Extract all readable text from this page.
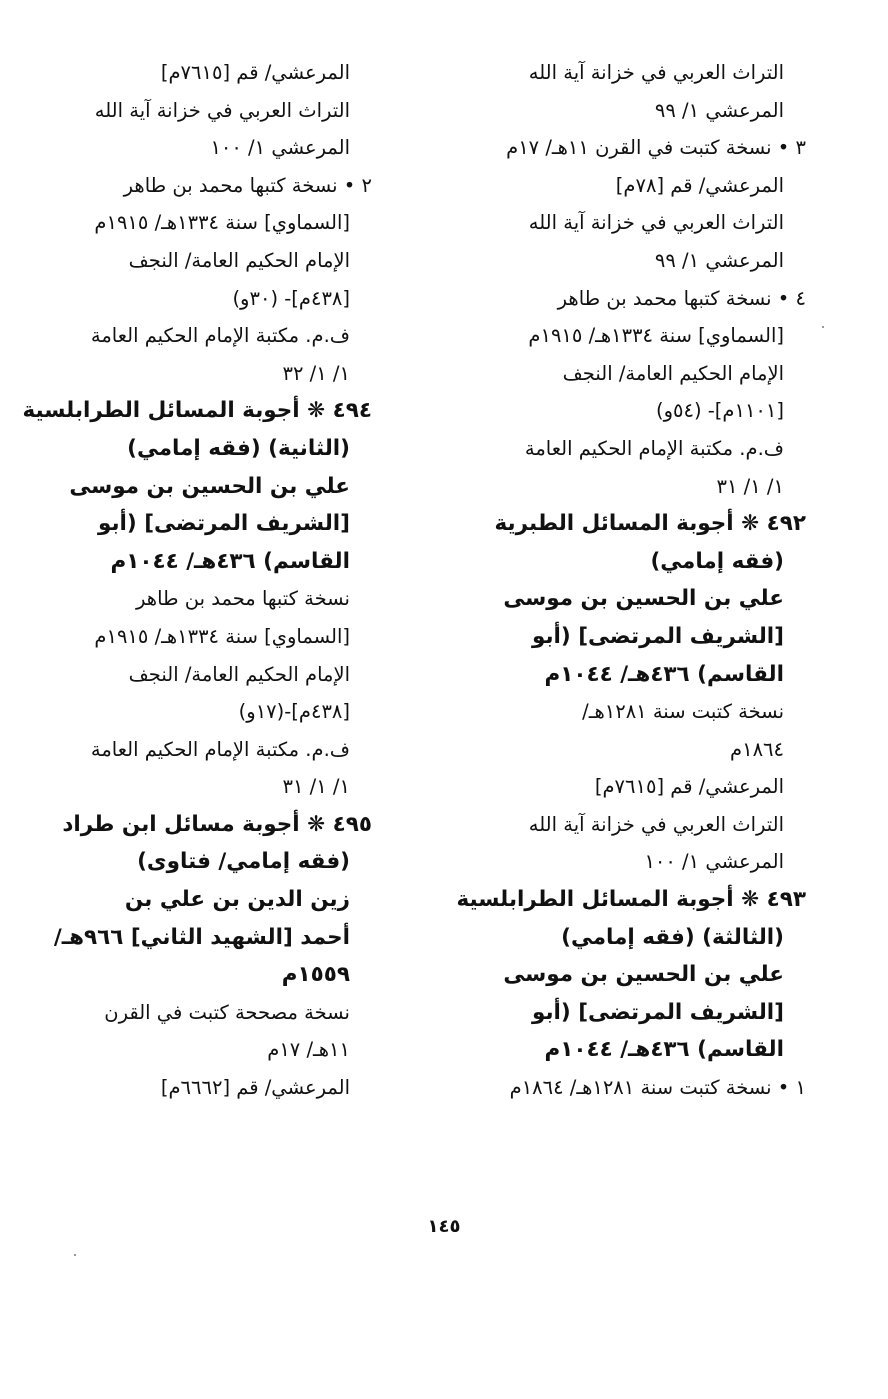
التراث العربي في خزانة آية الله
المرعشي ١/ ٩٩
٣ • نسخة كتبت في القرن ١١هـ/ ١٧م
المرعشي/ قم [٧٨م]
التراث العربي في خزانة آية الله
المرعشي ١/ ٩٩
٤ • نسخة كتبها محمد بن طاهر
[السماوي] سنة ١٣٣٤هـ/ ١٩١٥م
الإمام الحكيم العامة/ النجف
[١١٠١م]- (٥٤و)
ف.م. مكتبة الإمام الحكيم العامة
١/ ١/ ٣١
٤٩٢ ❋ أجوبة المسائل الطبرية
(فقه إمامي)
علي بن الحسين بن موسى
[الشريف المرتضى] (أبو
القاسم) ٤٣٦هـ/ ١٠٤٤م
نسخة كتبت سنة ١٢٨١هـ/
١٨٦٤م
المرعشي/ قم [٧٦١٥م]
التراث العربي في خزانة آية الله
المرعشي ١/ ١٠٠
٤٩٣ ❋ أجوبة المسائل الطرابلسية
(الثالثة) (فقه إمامي)
علي بن الحسين بن موسى
[الشريف المرتضى] (أبو
القاسم) ٤٣٦هـ/ ١٠٤٤م
١ • نسخة كتبت سنة ١٢٨١هـ/ ١٨٦٤م
المرعشي/ قم [٧٦١٥م]
التراث العربي في خزانة آية الله
المرعشي ١/ ١٠٠
٢ • نسخة كتبها محمد بن طاهر
[السماوي] سنة ١٣٣٤هـ/ ١٩١٥م
الإمام الحكيم العامة/ النجف
[٤٣٨م]- (٣٠و)
ف.م. مكتبة الإمام الحكيم العامة
١/ ١/ ٣٢
٤٩٤ ❋ أجوبة المسائل الطرابلسية
(الثانية) (فقه إمامي)
علي بن الحسين بن موسى
[الشريف المرتضى] (أبو
القاسم) ٤٣٦هـ/ ١٠٤٤م
نسخة كتبها محمد بن طاهر
[السماوي] سنة ١٣٣٤هـ/ ١٩١٥م
الإمام الحكيم العامة/ النجف
[٤٣٨م]-(١٧و)
ف.م. مكتبة الإمام الحكيم العامة
١/ ١/ ٣١
٤٩٥ ❋ أجوبة مسائل ابن طراد
(فقه إمامي/ فتاوى)
زين الدين بن علي بن
أحمد [الشهيد الثاني] ٩٦٦هـ/
١٥٥٩م
نسخة مصححة كتبت في القرن
١١هـ/ ١٧م
المرعشي/ قم [٦٦٦٢م]
١٤٥
